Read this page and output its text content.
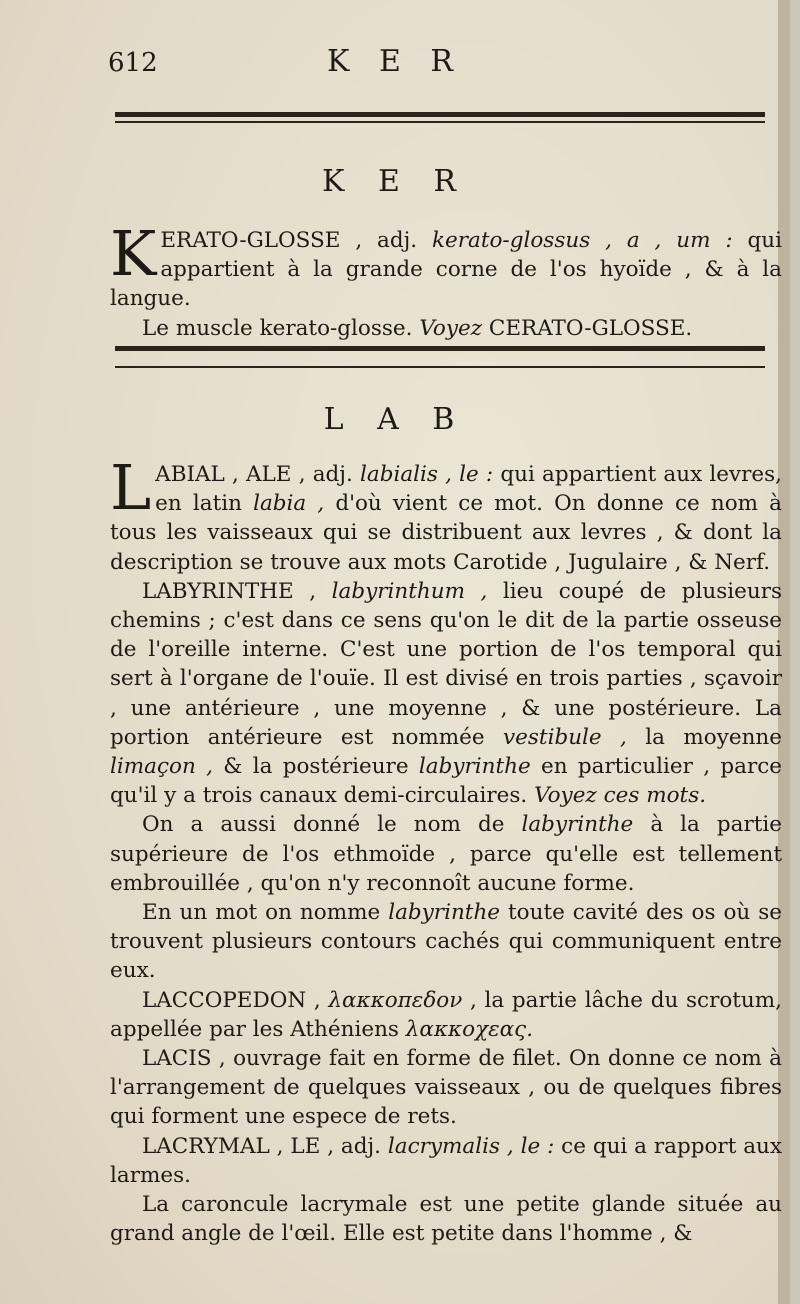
612	K E R
K E R

KERATO-GLOSSE , adj. kerato-glossus , a , um : qui appartient à la grande corne de l'os hyoïde , & à la langue.

Le muscle kerato-glosse. Voyez CERATO-GLOSSE.

L A B

LABIAL , ALE , adj. labialis , le : qui appartient aux levres, en latin labia , d'où vient ce mot. On donne ce nom à tous les vaisseaux qui se distribuent aux levres , & dont la description se trouve aux mots Carotide , Jugulaire , & Nerf.

LABYRINTHE , labyrinthum , lieu coupé de plusieurs chemins ; c'est dans ce sens qu'on le dit de la partie osseuse de l'oreille interne. C'est une portion de l'os temporal qui sert à l'organe de l'ouïe. Il est divisé en trois parties , sçavoir , une antérieure , une moyenne , & une postérieure. La portion antérieure est nommée vestibule , la moyenne limaçon , & la postérieure labyrinthe en particulier , parce qu'il y a trois canaux demi-circulaires. Voyez ces mots.

On a aussi donné le nom de labyrinthe à la partie supérieure de l'os ethmoïde , parce qu'elle est tellement embrouillée , qu'on n'y reconnoît aucune forme.

En un mot on nomme labyrinthe toute cavité des os où se trouvent plusieurs contours cachés qui communiquent entre eux.

LACCOPEDON , λακκοπεδον , la partie lâche du scrotum, appellée par les Athéniens λακκοχεας.

LACIS , ouvrage fait en forme de filet. On donne ce nom à l'arrangement de quelques vaisseaux , ou de quelques fibres qui forment une espece de rets.

LACRYMAL , LE , adj. lacrymalis , le : ce qui a rapport aux larmes.

La caroncule lacrymale est une petite glande située au grand angle de l'œil. Elle est petite dans l'homme , &
